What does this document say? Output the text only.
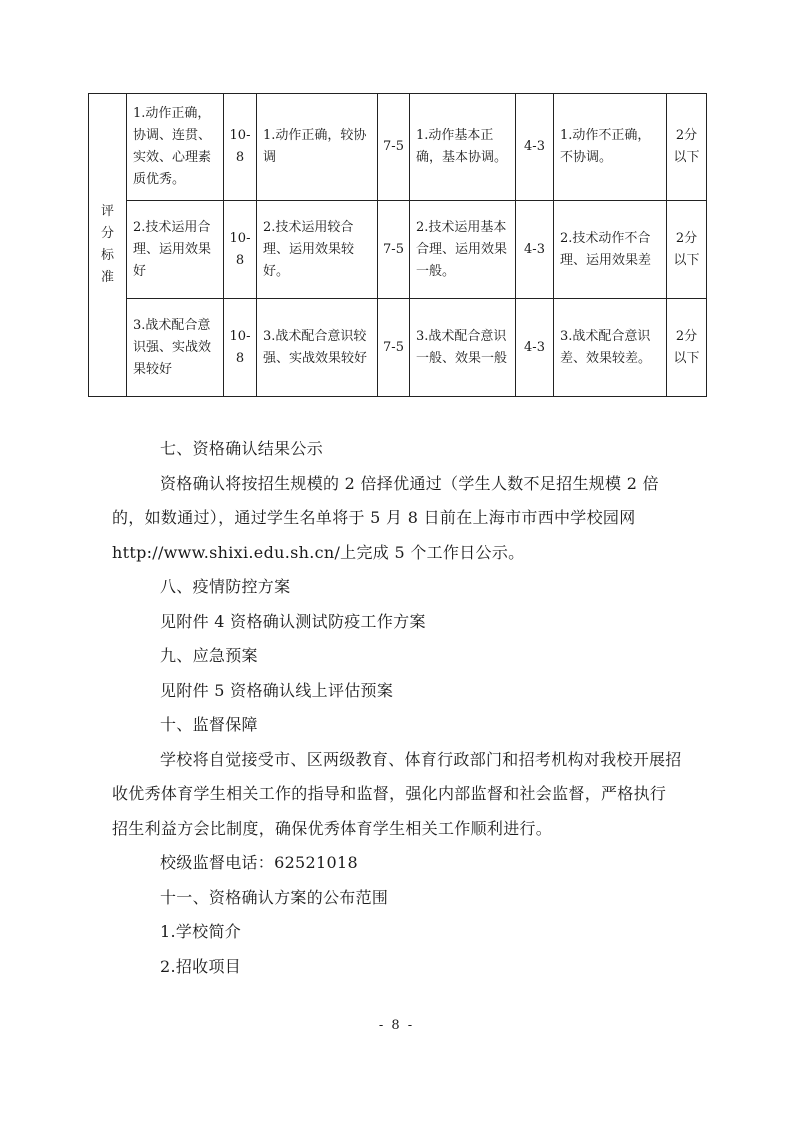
评分标准	1.动作正确，协调、连贯、实效、心理素质优秀。	10-8	1.动作正确，较协调	7-5	1.动作基本正确，基本协调。	4-3	1.动作不正确，不协调。	2分以下
	2.技术运用合理、运用效果好	10-8	2.技术运用较合理、运用效果较好。	7-5	2.技术运用基本合理、运用效果一般。	4-3	2.技术动作不合理、运用效果差	2分以下
	3.战术配合意识强、实战效果较好	10-8	3.战术配合意识较强、实战效果较好	7-5	3.战术配合意识一般、效果一般	4-3	3.战术配合意识差、效果较差。	2分以下

七、资格确认结果公示

资格确认将按招生规模的 2 倍择优通过（学生人数不足招生规模 2 倍的，如数通过），通过学生名单将于 5 月 8 日前在上海市市西中学校园网 http://www.shixi.edu.sh.cn/上完成 5 个工作日公示。

八、疫情防控方案

见附件 4 资格确认测试防疫工作方案

九、应急预案

见附件 5 资格确认线上评估预案

十、监督保障

学校将自觉接受市、区两级教育、体育行政部门和招考机构对我校开展招收优秀体育学生相关工作的指导和监督，强化内部监督和社会监督，严格执行招生利益方会比制度，确保优秀体育学生相关工作顺利进行。

校级监督电话：62521018

十一、资格确认方案的公布范围

1.学校简介

2.招收项目

- 8 -
